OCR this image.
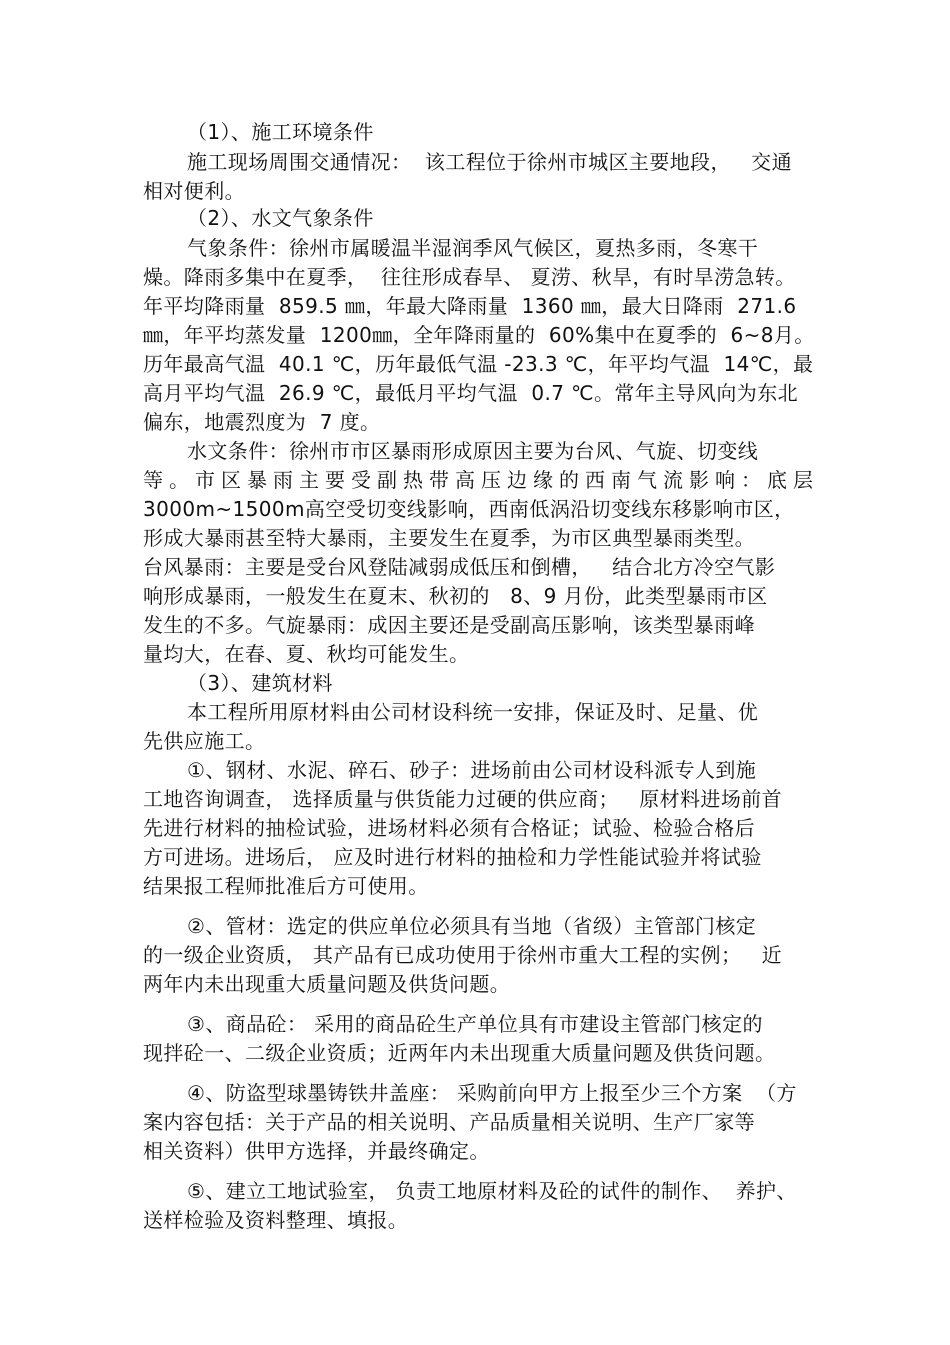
（1）、施工环境条件
施工现场周围交通情况：  该工程位于徐州市城区主要地段，   交通
相对便利。
（2）、水文气象条件
气象条件：徐州市属暖温半湿润季风气候区，夏热多雨，冬寒干
燥。降雨多集中在夏季，  往往形成春旱、 夏涝、秋旱，有时旱涝急转。
年平均降雨量  859.5 ㎜，年最大降雨量  1360 ㎜，最大日降雨  271.6
㎜，年平均蒸发量  1200㎜，全年降雨量的  60%集中在夏季的  6~8月。
历年最高气温  40.1 ℃，历年最低气温 -23.3 ℃，年平均气温  14℃，最
高月平均气温  26.9 ℃，最低月平均气温  0.7 ℃。常年主导风向为东北
偏东，地震烈度为  7 度。
水文条件：徐州市市区暴雨形成原因主要为台风、气旋、切变线
等。市区暴雨主要受副热带高压边缘的西南气流影响：底层
3000m~1500m高空受切变线影响，西南低涡沿切变线东移影响市区，
形成大暴雨甚至特大暴雨，主要发生在夏季，为市区典型暴雨类型。
台风暴雨：主要是受台风登陆减弱成低压和倒槽，   结合北方冷空气影
响形成暴雨，一般发生在夏末、秋初的   8、9 月份，此类型暴雨市区
发生的不多。气旋暴雨：成因主要还是受副高压影响，该类型暴雨峰
量均大，在春、夏、秋均可能发生。
（3）、建筑材料
本工程所用原材料由公司材设科统一安排，保证及时、足量、优
先供应施工。
①、钢材、水泥、碎石、砂子：进场前由公司材设科派专人到施
工地咨询调查， 选择质量与供货能力过硬的供应商；   原材料进场前首
先进行材料的抽检试验，进场材料必须有合格证；试验、检验合格后
方可进场。进场后， 应及时进行材料的抽检和力学性能试验并将试验
结果报工程师批准后方可使用。
②、管材：选定的供应单位必须具有当地（省级）主管部门核定
的一级企业资质， 其产品有已成功使用于徐州市重大工程的实例；   近
两年内未出现重大质量问题及供货问题。
③、商品砼： 采用的商品砼生产单位具有市建设主管部门核定的
现拌砼一、二级企业资质；近两年内未出现重大质量问题及供货问题。
④、防盗型球墨铸铁井盖座： 采购前向甲方上报至少三个方案  （方
案内容包括：关于产品的相关说明、产品质量相关说明、生产厂家等
相关资料）供甲方选择，并最终确定。
⑤、建立工地试验室， 负责工地原材料及砼的试件的制作、  养护、
送样检验及资料整理、填报。
